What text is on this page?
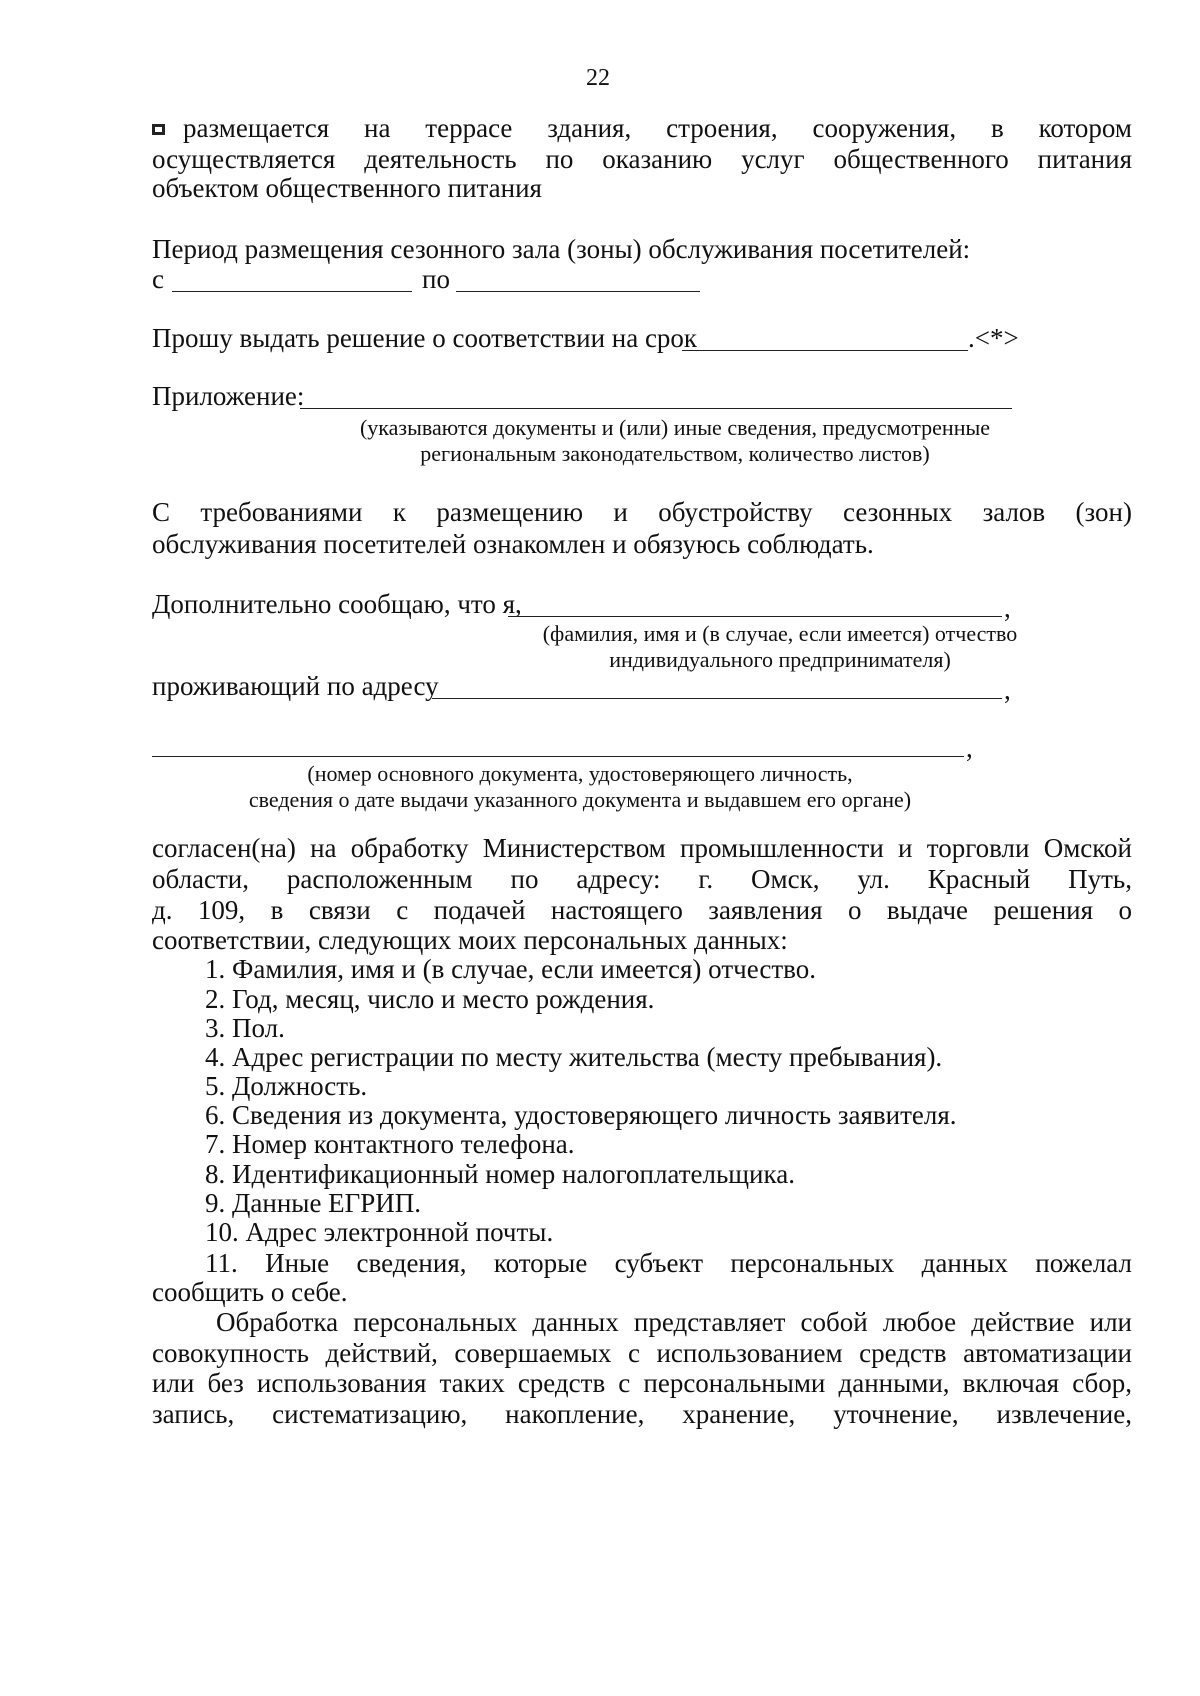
22
размещается на террасе здания, строения, сооружения, в котором
осуществляется деятельность по оказанию услуг общественного питания
объектом общественного питания
Период размещения сезонного зала (зоны) обслуживания посетителей:
с	по
Прошу выдать решение о соответствии на срок	.<*>
Приложение:
(указываются документы и (или) иные сведения, предусмотренные
региональным законодательством, количество листов)
С требованиями к размещению и обустройству сезонных залов (зон)
обслуживания посетителей ознакомлен и обязуюсь соблюдать.
Дополнительно сообщаю, что я,	,
(фамилия, имя и (в случае, если имеется) отчество
индивидуального предпринимателя)
проживающий по адресу	,
,
(номер основного документа, удостоверяющего личность,
сведения о дате выдачи указанного документа и выдавшем его органе)
согласен(на) на обработку Министерством промышленности и торговли Омской
области, расположенным по адресу: г. Омск, ул. Красный Путь,
д. 109, в связи с подачей настоящего заявления о выдаче решения о
соответствии, следующих моих персональных данных:
1. Фамилия, имя и (в случае, если имеется) отчество.
2. Год, месяц, число и место рождения.
3. Пол.
4. Адрес регистрации по месту жительства (месту пребывания).
5. Должность.
6. Сведения из документа, удостоверяющего личность заявителя.
7. Номер контактного телефона.
8. Идентификационный номер налогоплательщика.
9. Данные ЕГРИП.
10. Адрес электронной почты.
11. Иные сведения, которые субъект персональных данных пожелал
сообщить о себе.
Обработка персональных данных представляет собой любое действие или
совокупность действий, совершаемых с использованием средств автоматизации
или без использования таких средств с персональными данными, включая сбор,
запись, систематизацию, накопление, хранение, уточнение, извлечение,
